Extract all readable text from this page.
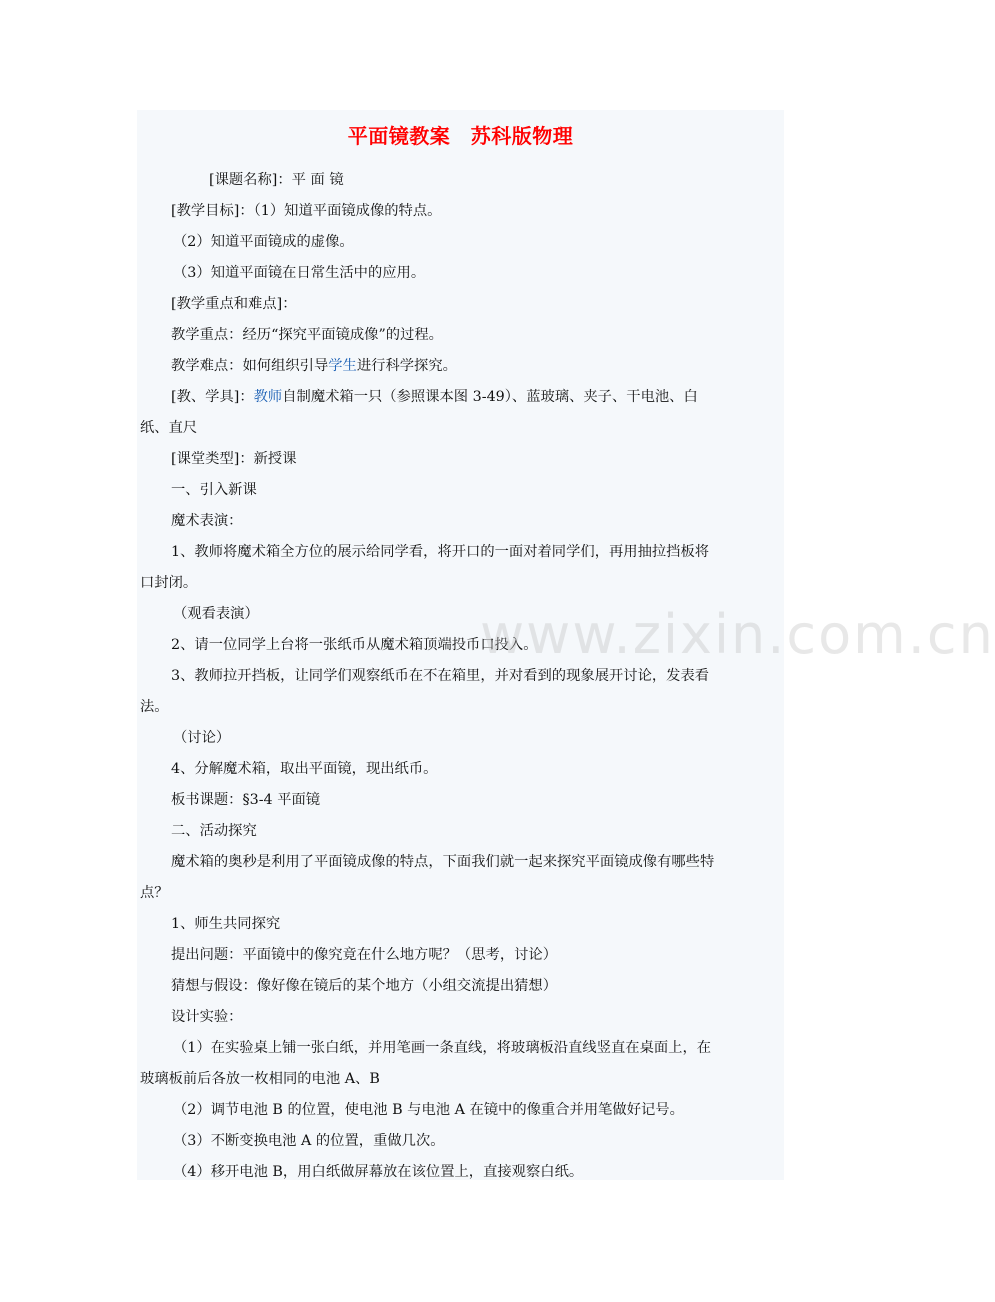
平面镜教案　苏科版物理
[课题名称]：平 面 镜
[教学目标]：（1）知道平面镜成像的特点。
（2）知道平面镜成的虚像。
（3）知道平面镜在日常生活中的应用。
[教学重点和难点]：
教学重点：经历“探究平面镜成像”的过程。
教学难点：如何组织引导学生进行科学探究。
[教、学具]：教师自制魔术箱一只（参照课本图 3-49）、蓝玻璃、夹子、干电池、白
纸、直尺
[课堂类型]：新授课
一、引入新课
魔术表演：
1、教师将魔术箱全方位的展示给同学看，将开口的一面对着同学们，再用抽拉挡板将
口封闭。
（观看表演）
2、请一位同学上台将一张纸币从魔术箱顶端投币口投入。
3、教师拉开挡板，让同学们观察纸币在不在箱里，并对看到的现象展开讨论，发表看
法。
（讨论）
4、分解魔术箱，取出平面镜，现出纸币。
板书课题：§3-4 平面镜
二、活动探究
魔术箱的奥秒是利用了平面镜成像的特点，下面我们就一起来探究平面镜成像有哪些特
点？
1、师生共同探究
提出问题：平面镜中的像究竟在什么地方呢？（思考，讨论）
猜想与假设：像好像在镜后的某个地方（小组交流提出猜想）
设计实验：
（1）在实验桌上铺一张白纸，并用笔画一条直线，将玻璃板沿直线竖直在桌面上，在
玻璃板前后各放一枚相同的电池 A、B
（2）调节电池 B 的位置，使电池 B 与电池 A 在镜中的像重合并用笔做好记号。
（3）不断变换电池 A 的位置，重做几次。
（4）移开电池 B，用白纸做屏幕放在该位置上，直接观察白纸。
www.zixin.com.cn
